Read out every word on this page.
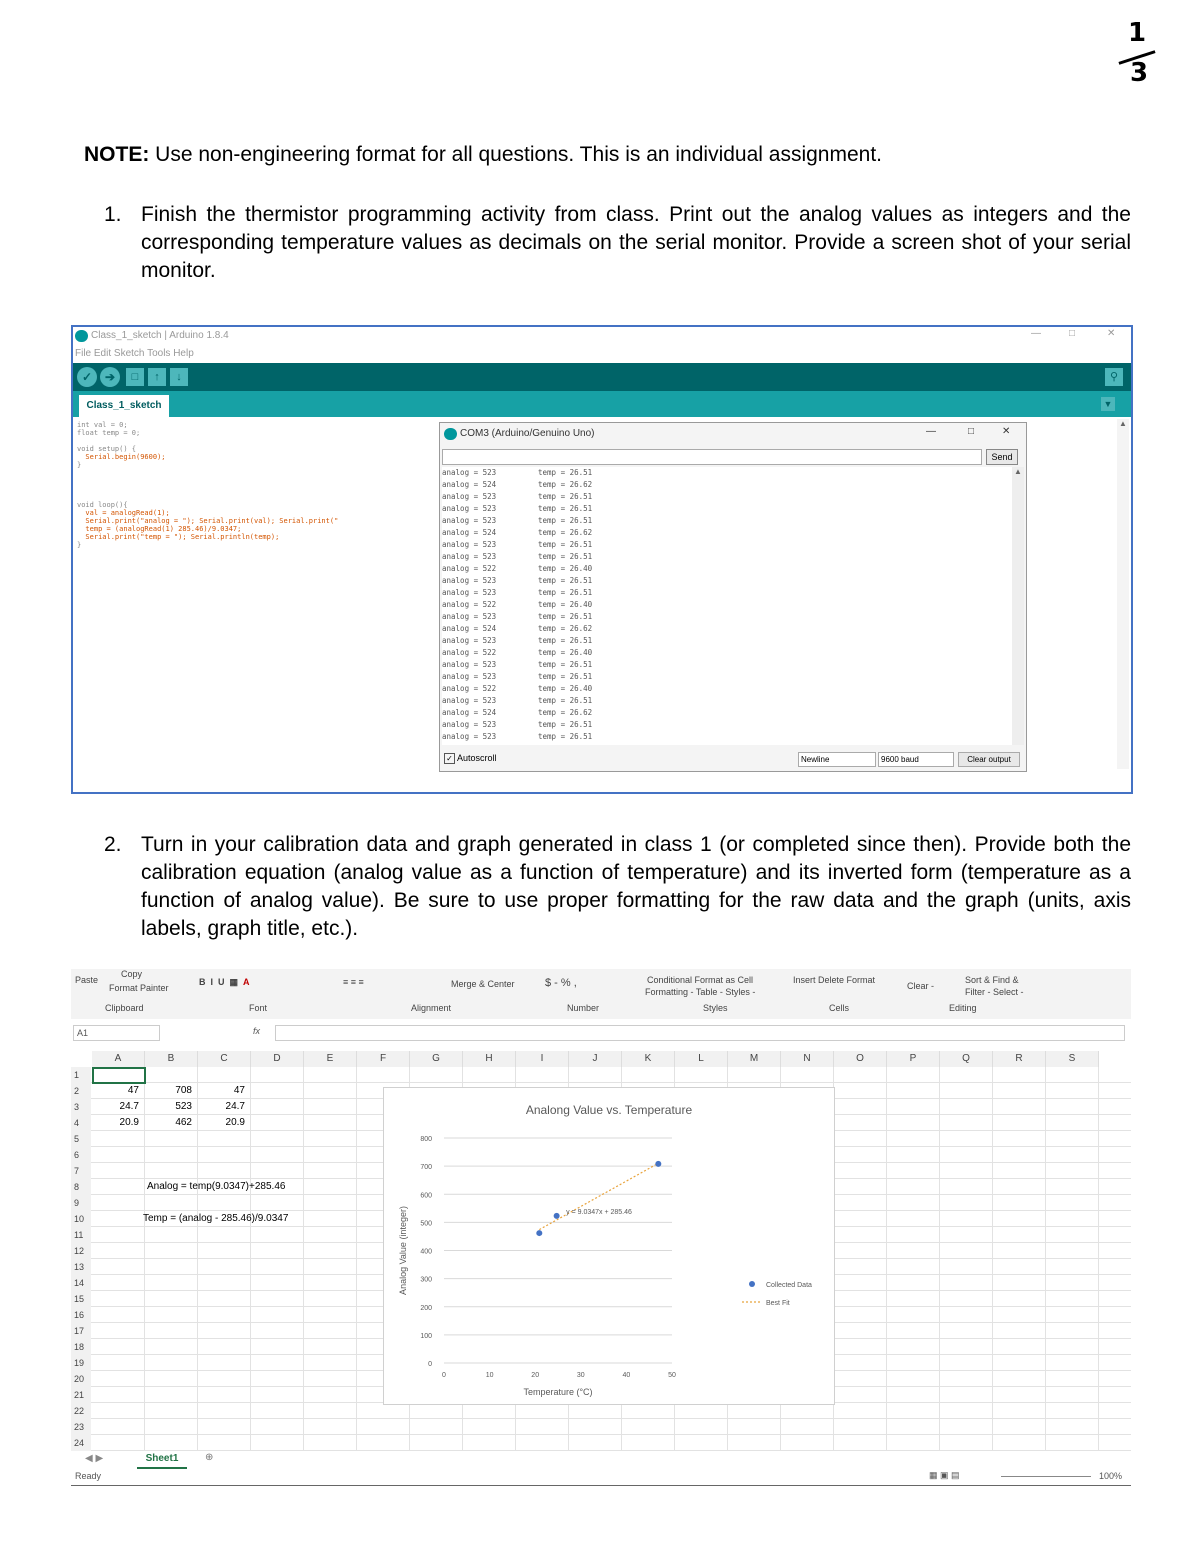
1
3
NOTE: Use non-engineering format for all questions. This is an individual assignment.
1. Finish the thermistor programming activity from class. Print out the analog values as integers and the corresponding temperature values as decimals on the serial monitor. Provide a screen shot of your serial monitor.
Class_1_sketch | Arduino 1.8.4	—	□	✕
File Edit Sketch Tools Help
✓	➔	□	↑	↓	⚲
Class_1_sketch	▼
int val = 0;
float temp = 0;

void setup() {
Serial.begin(9600);
}

void loop(){
val = analogRead(1);
Serial.print("analog = "); Serial.print(val); Serial.print("
temp = (analogRead(1) 285.46)/9.0347;
Serial.print("temp = "); Serial.println(temp);
}
▲
COM3 (Arduino/Genuino Uno)	—	□	✕
Send
analog = 523	temp = 26.51
analog = 524	temp = 26.62
analog = 523	temp = 26.51
analog = 523	temp = 26.51
analog = 523	temp = 26.51
analog = 524	temp = 26.62
analog = 523	temp = 26.51
analog = 523	temp = 26.51
analog = 522	temp = 26.40
analog = 523	temp = 26.51
analog = 523	temp = 26.51
analog = 522	temp = 26.40
analog = 523	temp = 26.51
analog = 524	temp = 26.62
analog = 523	temp = 26.51
analog = 522	temp = 26.40
analog = 523	temp = 26.51
analog = 523	temp = 26.51
analog = 522	temp = 26.40
analog = 523	temp = 26.51
analog = 524	temp = 26.62
analog = 523	temp = 26.51
analog = 523	temp = 26.51
▲
✓ Autoscroll	Newline	9600 baud	Clear output
2. Turn in your calibration data and graph generated in class 1 (or completed since then). Provide both the calibration equation (analog value as a function of temperature) and its inverted form (temperature as a function of analog value). Be sure to use proper formatting for the raw data and the graph (units, axis labels, graph title, etc.).
Paste
Copy
Format Painter
Clipboard
B  I  U  ▦ A
Font
≡ ≡ ≡	Merge & Center
Alignment
$ - % ,
Number
Conditional Format as Cell
Formatting - Table - Styles -
Styles
Insert Delete Format
Cells
Clear -
Sort & Find &
Filter - Select -
Editing
A1	fx
Analong Value vs. Temperature
0
100
200
300
400
500
600
700
800
0	10	20	30	40	50
Temperature (°C)
Analog Value (integer)	y = 9.0347x + 285.46
Collected Data
Best Fit
A	B	C	D	E	F	G	H	I	J	K	L	M	N	O	P	Q	R	S
1
2
3
4
5
6
7
8
9
10
11
12
13
14
15
16
17
18
19
20
21
22
23
24
47	708	47
24.7	523	24.7
20.9	462	20.9
Analog = temp(9.0347)+285.46
Temp = (analog - 285.46)/9.0347
◀ ▶	Sheet1	⊕
Ready	▦ ▣ ▤	100%
